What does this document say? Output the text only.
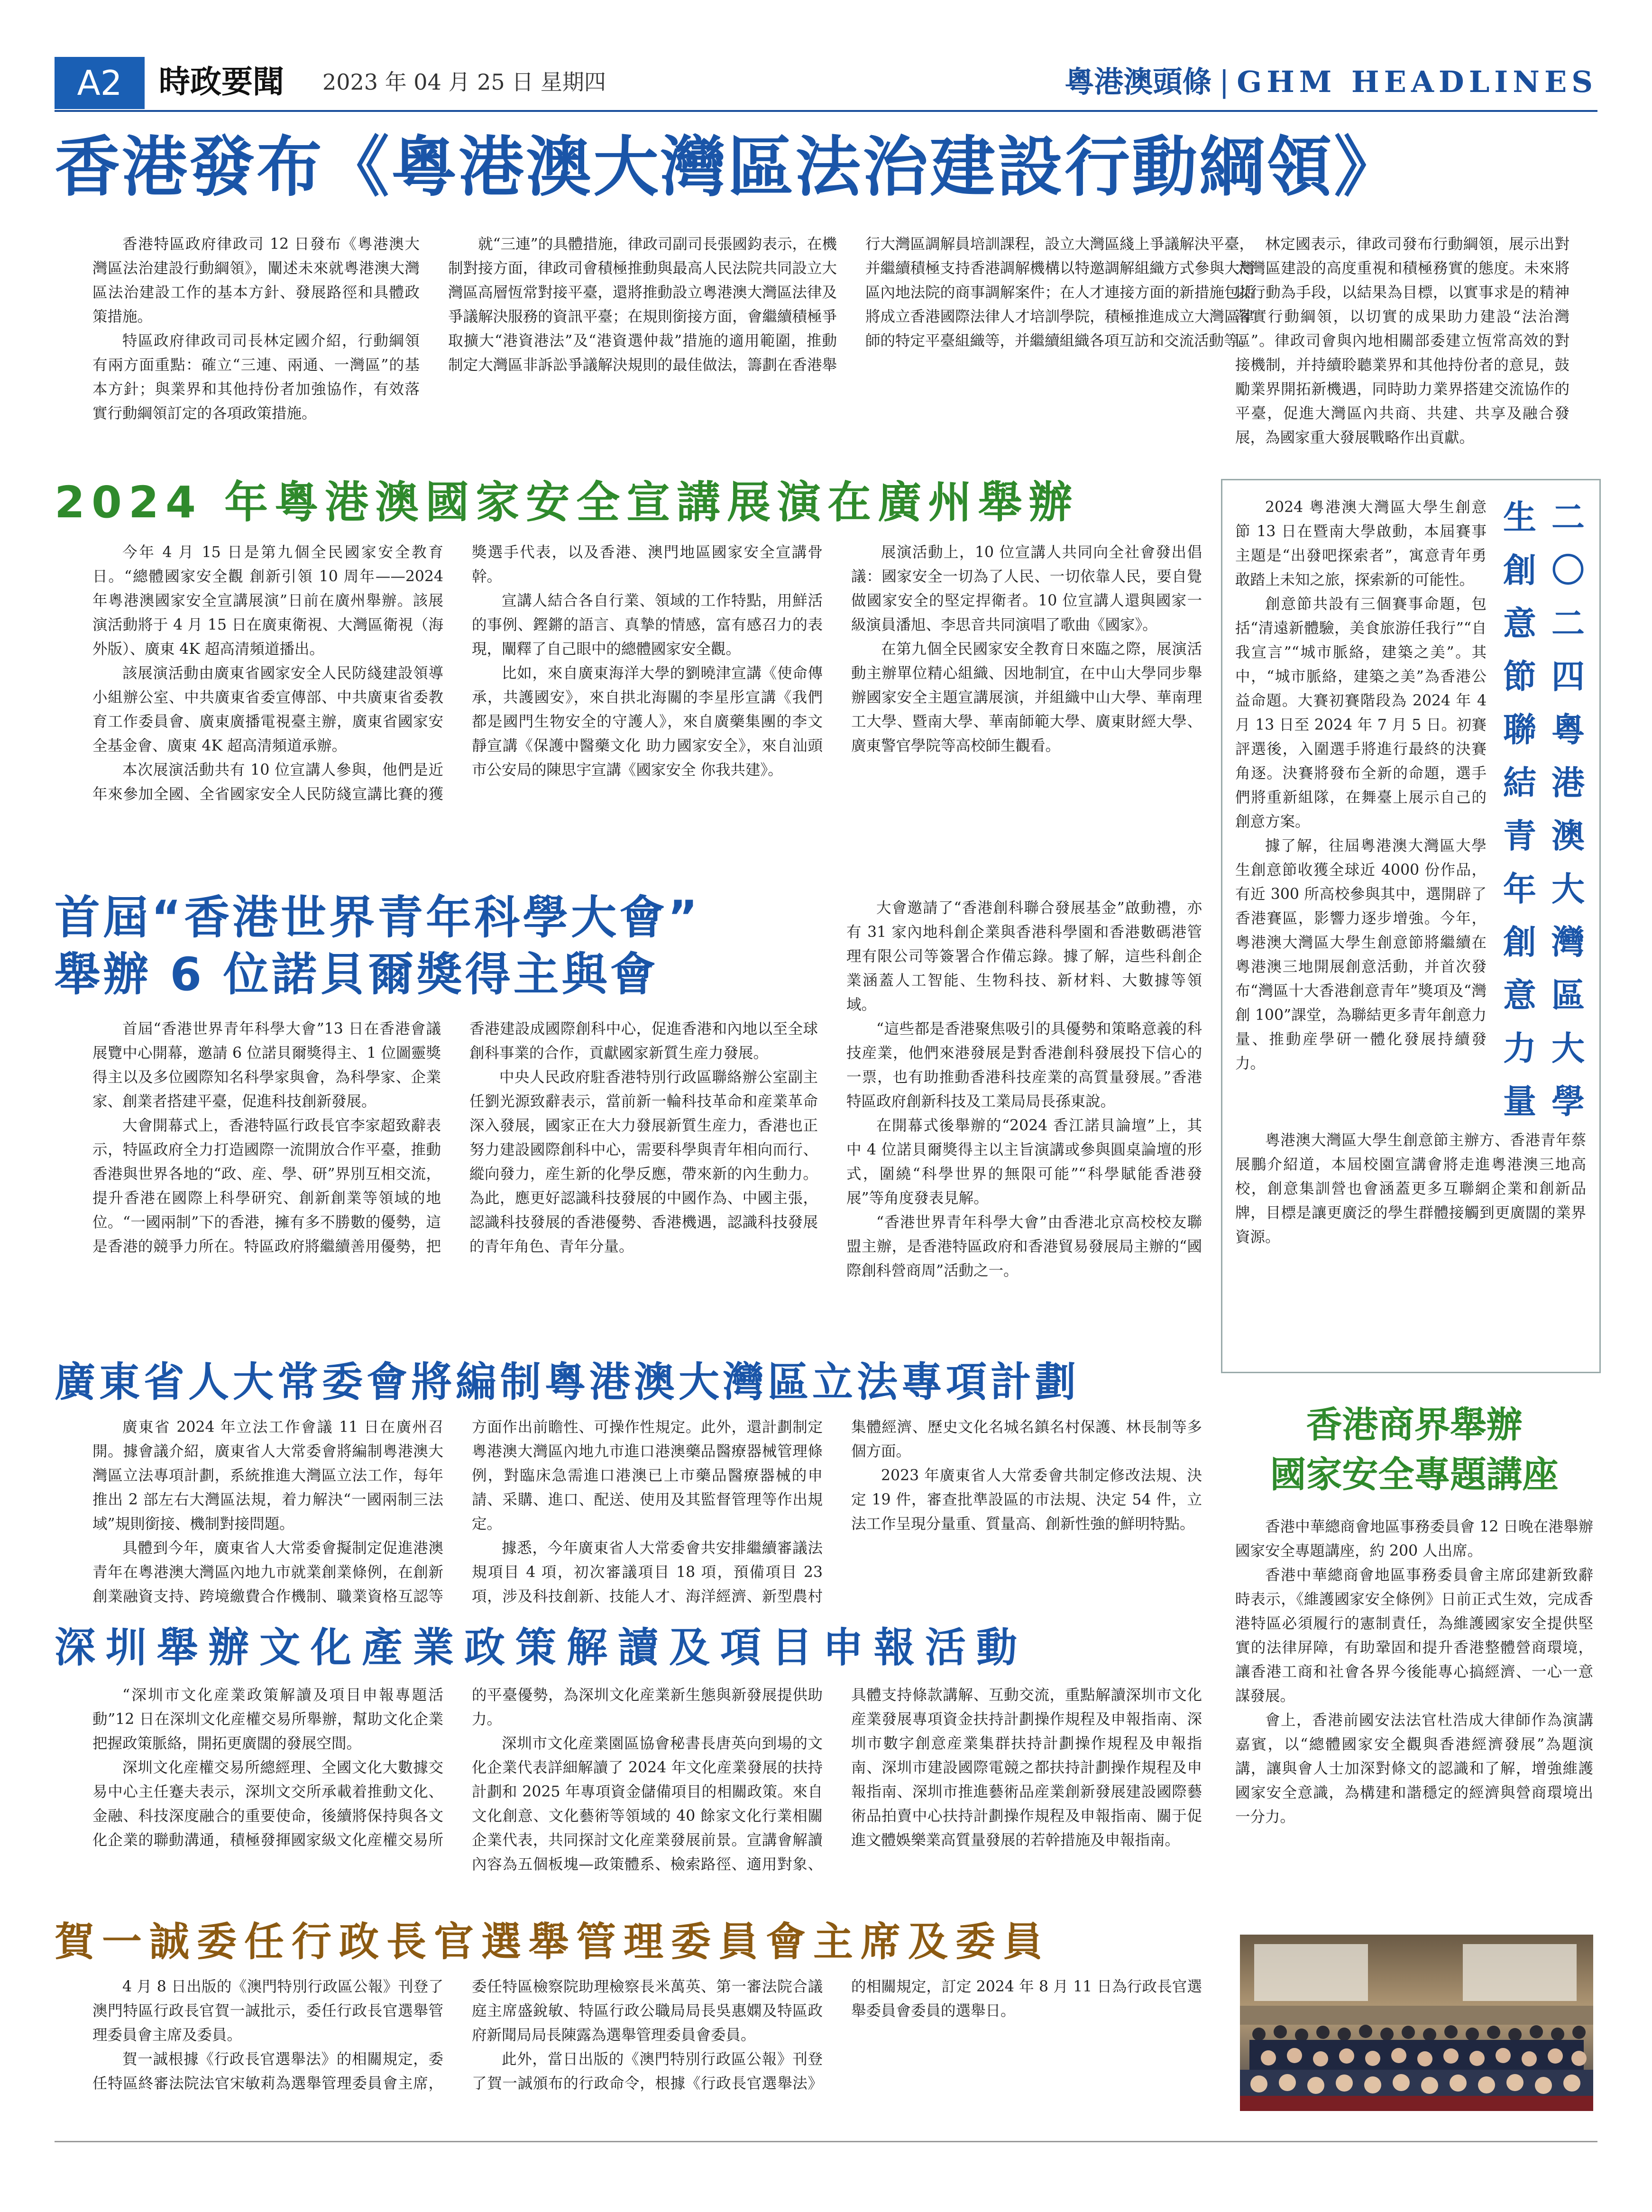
A2	時政要聞 2023 年 04 月 25 日 星期四	粵港澳頭條 | GHM HEADLINES
香港發布《粵港澳大灣區法治建設行動綱領》

香港特區政府律政司 12 日發布《粵港澳大灣區法治建設行動綱領》，闡述未來就粵港澳大灣區法治建設工作的基本方針、發展路徑和具體政策措施。

特區政府律政司司長林定國介紹，行動綱領有兩方面重點：確立“三連、兩通、一灣區”的基本方針；與業界和其他持份者加強協作，有效落實行動綱領訂定的各項政策措施。

就“三連”的具體措施，律政司副司長張國鈞表示，在機制對接方面，律政司會積極推動與最高人民法院共同設立大灣區高層恆常對接平臺，還將推動設立粵港澳大灣區法律及爭議解決服務的資訊平臺；在規則銜接方面，會繼續積極爭取擴大“港資港法”及“港資選仲裁”措施的適用範圍，推動制定大灣區非訴訟爭議解決規則的最佳做法，籌劃在香港舉行大灣區調解員培訓課程，設立大灣區綫上爭議解決平臺，并繼續積極支持香港調解機構以特邀調解組織方式參與大灣區內地法院的商事調解案件；在人才連接方面的新措施包括將成立香港國際法律人才培訓學院，積極推進成立大灣區律師的特定平臺組織等，并繼續組織各項互訪和交流活動等。

林定國表示，律政司發布行動綱領，展示出對大灣區建設的高度重視和積極務實的態度。未來將以行動為手段，以結果為目標，以實事求是的精神落實行動綱領，以切實的成果助力建設“法治灣區”。律政司會與內地相關部委建立恆常高效的對接機制，并持續聆聽業界和其他持份者的意見，鼓勵業界開拓新機遇，同時助力業界搭建交流協作的平臺，促進大灣區內共商、共建、共享及融合發展，為國家重大發展戰略作出貢獻。

2024 年粵港澳國家安全宣講展演在廣州舉辦

今年 4 月 15 日是第九個全民國家安全教育日。“總體國家安全觀 創新引領 10 周年——2024 年粵港澳國家安全宣講展演”日前在廣州舉辦。該展演活動將于 4 月 15 日在廣東衛視、大灣區衛視（海外版）、廣東 4K 超高清頻道播出。

該展演活動由廣東省國家安全人民防綫建設領導小組辦公室、中共廣東省委宣傳部、中共廣東省委教育工作委員會、廣東廣播電視臺主辦，廣東省國家安全基金會、廣東 4K 超高清頻道承辦。

本次展演活動共有 10 位宣講人參與，他們是近年來參加全國、全省國家安全人民防綫宣講比賽的獲獎選手代表，以及香港、澳門地區國家安全宣講骨幹。

宣講人結合各自行業、領域的工作特點，用鮮活的事例、鏗鏘的語言、真摯的情感，富有感召力的表現，闡釋了自己眼中的總體國家安全觀。

比如，來自廣東海洋大學的劉曉津宣講《使命傳承，共護國安》，來自拱北海關的李星彤宣講《我們都是國門生物安全的守護人》，來自廣藥集團的李文靜宣講《保護中醫藥文化 助力國家安全》，來自汕頭市公安局的陳思宇宣講《國家安全 你我共建》。

展演活動上，10 位宣講人共同向全社會發出倡議：國家安全一切為了人民、一切依靠人民，要自覺做國家安全的堅定捍衛者。10 位宣講人還與國家一級演員潘旭、李思音共同演唱了歌曲《國家》。

在第九個全民國家安全教育日來臨之際，展演活動主辦單位精心組織、因地制宜，在中山大學同步舉辦國家安全主題宣講展演，并組織中山大學、華南理工大學、暨南大學、華南師範大學、廣東財經大學、廣東警官學院等高校師生觀看。

首屆“香港世界青年科學大會”
舉辦 6 位諾貝爾獎得主與會

首屆“香港世界青年科學大會”13 日在香港會議展覽中心開幕，邀請 6 位諾貝爾獎得主、1 位圖靈獎得主以及多位國際知名科學家與會，為科學家、企業家、創業者搭建平臺，促進科技創新發展。

大會開幕式上，香港特區行政長官李家超致辭表示，特區政府全力打造國際一流開放合作平臺，推動香港與世界各地的“政、産、學、研”界別互相交流，提升香港在國際上科學研究、創新創業等領域的地位。“一國兩制”下的香港，擁有多不勝數的優勢，這是香港的競爭力所在。特區政府將繼續善用優勢，把香港建設成國際創科中心，促進香港和內地以至全球創科事業的合作，貢獻國家新質生産力發展。

中央人民政府駐香港特別行政區聯絡辦公室副主任劉光源致辭表示，當前新一輪科技革命和産業革命深入發展，國家正在大力發展新質生産力，香港也正努力建設國際創科中心，需要科學與青年相向而行、縱向發力，産生新的化學反應，帶來新的內生動力。為此，應更好認識科技發展的中國作為、中國主張，認識科技發展的香港優勢、香港機遇，認識科技發展的青年角色、青年分量。

大會邀請了“香港創科聯合發展基金”啟動禮，亦有 31 家內地科創企業與香港科學園和香港數碼港管理有限公司等簽署合作備忘錄。據了解，這些科創企業涵蓋人工智能、生物科技、新材料、大數據等領域。

“這些都是香港聚焦吸引的具優勢和策略意義的科技産業，他們來港發展是對香港創科發展投下信心的一票，也有助推動香港科技産業的高質量發展。”香港特區政府創新科技及工業局局長孫東說。

在開幕式後舉辦的“2024 香江諾貝論壇”上，其中 4 位諾貝爾獎得主以主旨演講或參與圓桌論壇的形式，圍繞“科學世界的無限可能”“科學賦能香港發展”等角度發表見解。

“香港世界青年科學大會”由香港北京高校校友聯盟主辦，是香港特區政府和香港貿易發展局主辦的“國際創科營商周”活動之一。

二〇二四粵港澳大灣區大學
生創意節聯結青年創意力量

2024 粵港澳大灣區大學生創意節 13 日在暨南大學啟動，本屆賽事主題是“出發吧探索者”，寓意青年勇敢踏上未知之旅，探索新的可能性。

創意節共設有三個賽事命題，包括“清遠新體驗，美食旅游任我行”“自我宣言”“城市脈絡，建築之美”。其中，“城市脈絡，建築之美”為香港公益命題。大賽初賽階段為 2024 年 4 月 13 日至 2024 年 7 月 5 日。初賽評選後，入圍選手將進行最終的決賽角逐。決賽將發布全新的命題，選手們將重新組隊，在舞臺上展示自己的創意方案。

據了解，往屆粵港澳大灣區大學生創意節收獲全球近 4000 份作品，有近 300 所高校參與其中，選開辟了香港賽區，影響力逐步增強。今年，粵港澳大灣區大學生創意節將繼續在粵港澳三地開展創意活動，并首次發布“灣區十大香港創意青年”獎項及“灣創 100”課堂，為聯結更多青年創意力量、推動産學研一體化發展持續發力。

粵港澳大灣區大學生創意節主辦方、香港青年蔡展鵬介紹道，本屆校園宣講會將走進粵港澳三地高校，創意集訓營也會涵蓋更多互聯網企業和創新品牌，目標是讓更廣泛的學生群體接觸到更廣闊的業界資源。

廣東省人大常委會將編制粵港澳大灣區立法專項計劃

廣東省 2024 年立法工作會議 11 日在廣州召開。據會議介紹，廣東省人大常委會將編制粵港澳大灣區立法專項計劃，系統推進大灣區立法工作，每年推出 2 部左右大灣區法規，着力解決“一國兩制三法域”規則銜接、機制對接問題。

具體到今年，廣東省人大常委會擬制定促進港澳青年在粵港澳大灣區內地九市就業創業條例，在創新創業融資支持、跨境繳費合作機制、職業資格互認等方面作出前瞻性、可操作性規定。此外，還計劃制定粵港澳大灣區內地九市進口港澳藥品醫療器械管理條例，對臨床急需進口港澳已上市藥品醫療器械的申請、采購、進口、配送、使用及其監督管理等作出規定。

據悉，今年廣東省人大常委會共安排繼續審議法規項目 4 項，初次審議項目 18 項，預備項目 23 項，涉及科技創新、技能人才、海洋經濟、新型農村集體經濟、歷史文化名城名鎮名村保護、林長制等多個方面。

2023 年廣東省人大常委會共制定修改法規、決定 19 件，審查批準設區的市法規、決定 54 件，立法工作呈現分量重、質量高、創新性強的鮮明特點。

深圳舉辦文化產業政策解讀及項目申報活動

“深圳市文化産業政策解讀及項目申報專題活動”12 日在深圳文化産權交易所舉辦，幫助文化企業把握政策脈絡，開拓更廣闊的發展空間。

深圳文化産權交易所總經理、全國文化大數據交易中心主任蹇夫表示，深圳文交所承載着推動文化、金融、科技深度融合的重要使命，後續將保持與各文化企業的聯動溝通，積極發揮國家級文化産權交易所的平臺優勢，為深圳文化産業新生態與新發展提供助力。

深圳市文化産業園區協會秘書長唐英向到場的文化企業代表詳細解讀了 2024 年文化産業發展的扶持計劃和 2025 年專項資金儲備項目的相關政策。來自文化創意、文化藝術等領域的 40 餘家文化行業相關企業代表，共同探討文化産業發展前景。宣講會解讀內容為五個板塊—政策體系、檢索路徑、適用對象、具體支持條款講解、互動交流，重點解讀深圳市文化産業發展專項資金扶持計劃操作規程及申報指南、深圳市數字創意産業集群扶持計劃操作規程及申報指南、深圳市建設國際電競之都扶持計劃操作規程及申報指南、深圳市推進藝術品産業創新發展建設國際藝術品拍賣中心扶持計劃操作規程及申報指南、關于促進文體娛樂業高質量發展的若幹措施及申報指南。

香港商界舉辦
國家安全專題講座

香港中華總商會地區事務委員會 12 日晚在港舉辦國家安全專題講座，約 200 人出席。

香港中華總商會地區事務委員會主席邱建新致辭時表示，《維護國家安全條例》日前正式生效，完成香港特區必須履行的憲制責任，為維護國家安全提供堅實的法律屏障，有助鞏固和提升香港整體營商環境，讓香港工商和社會各界今後能專心搞經濟、一心一意謀發展。

會上，香港前國安法法官杜浩成大律師作為演講嘉賓，以“總體國家安全觀與香港經濟發展”為題演講，讓與會人士加深對條文的認識和了解，增強維護國家安全意識，為構建和諧穩定的經濟與營商環境出一分力。

賀一誠委任行政長官選舉管理委員會主席及委員

4 月 8 日出版的《澳門特別行政區公報》刊登了澳門特區行政長官賀一誠批示，委任行政長官選舉管理委員會主席及委員。

賀一誠根據《行政長官選舉法》的相關規定，委任特區終審法院法官宋敏莉為選舉管理委員會主席，委任特區檢察院助理檢察長米萬英、第一審法院合議庭主席盛銳敏、特區行政公職局局長吳惠嫻及特區政府新聞局局長陳露為選舉管理委員會委員。

此外，當日出版的《澳門特別行政區公報》刊登了賀一誠頒布的行政命令，根據《行政長官選舉法》的相關規定，訂定 2024 年 8 月 11 日為行政長官選舉委員會委員的選舉日。
